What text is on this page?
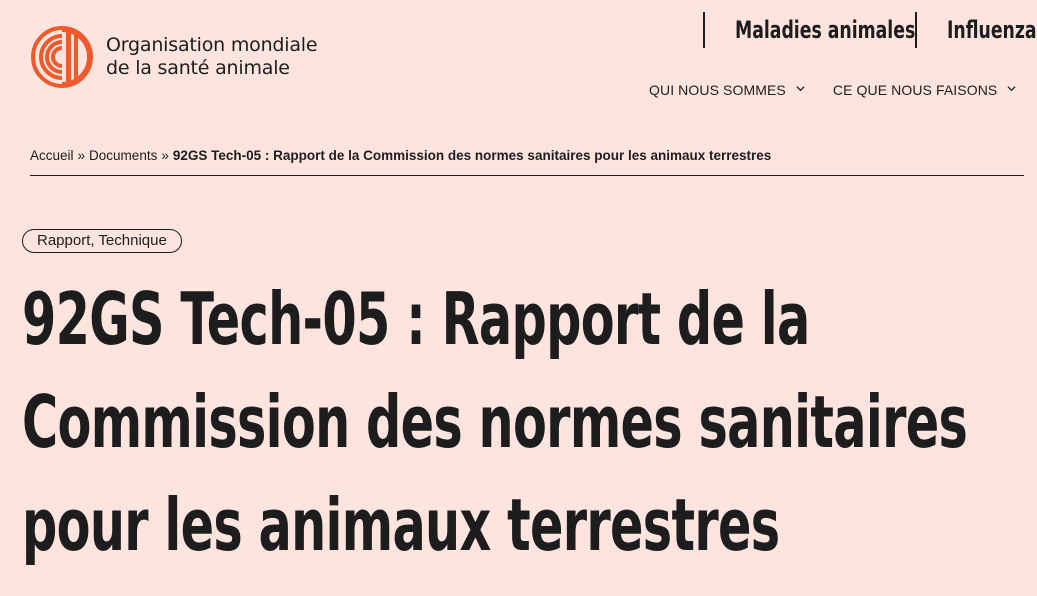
Organisation mondiale
de la santé animale
Maladies animales Influenza
QUI NOUS SOMMES	CE QUE NOUS FAISONS
Accueil » Documents » 92GS Tech-05 : Rapport de la Commission des normes sanitaires pour les animaux terrestres
Rapport, Technique
92GS Tech-05 : Rapport de la
Commission des normes sanitaires
pour les animaux terrestres
